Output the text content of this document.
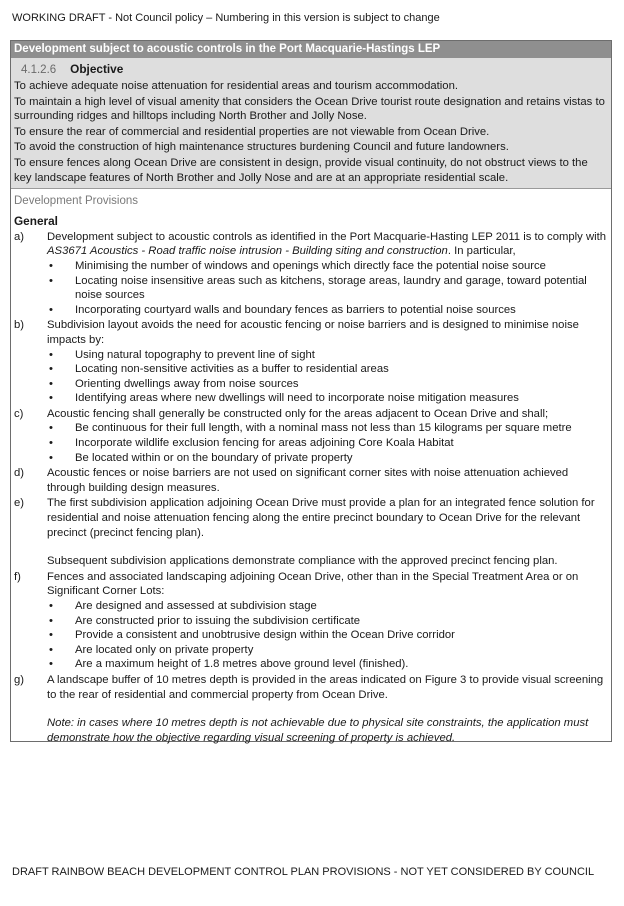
WORKING DRAFT - Not Council policy – Numbering in this version is subject to change
Development subject to acoustic controls in the Port Macquarie-Hastings LEP
4.1.2.6 Objective
To achieve adequate noise attenuation for residential areas and tourism accommodation.
To maintain a high level of visual amenity that considers the Ocean Drive tourist route designation and retains vistas to surrounding ridges and hilltops including North Brother and Jolly Nose.
To ensure the rear of commercial and residential properties are not viewable from Ocean Drive.
To avoid the construction of high maintenance structures burdening Council and future landowners.
To ensure fences along Ocean Drive are consistent in design, provide visual continuity, do not obstruct views to the key landscape features of North Brother and Jolly Nose and are at an appropriate residential scale.
Development Provisions
General
a)	Development subject to acoustic controls as identified in the Port Macquarie-Hasting LEP 2011 is to comply with AS3671 Acoustics - Road traffic noise intrusion - Building siting and construction. In particular,
• Minimising the number of windows and openings which directly face the potential noise source
• Locating noise insensitive areas such as kitchens, storage areas, laundry and garage, toward potential noise sources
• Incorporating courtyard walls and boundary fences as barriers to potential noise sources
b)	Subdivision layout avoids the need for acoustic fencing or noise barriers and is designed to minimise noise impacts by:
• Using natural topography to prevent line of sight
• Locating non-sensitive activities as a buffer to residential areas
• Orienting dwellings away from noise sources
• Identifying areas where new dwellings will need to incorporate noise mitigation measures
c)	Acoustic fencing shall generally be constructed only for the areas adjacent to Ocean Drive and shall;
• Be continuous for their full length, with a nominal mass not less than 15 kilograms per square metre
• Incorporate wildlife exclusion fencing for areas adjoining Core Koala Habitat
• Be located within or on the boundary of private property
d)	Acoustic fences or noise barriers are not used on significant corner sites with noise attenuation achieved through building design measures.
e)	The first subdivision application adjoining Ocean Drive must provide a plan for an integrated fence solution for residential and noise attenuation fencing along the entire precinct boundary to Ocean Drive for the relevant precinct (precinct fencing plan).
Subsequent subdivision applications demonstrate compliance with the approved precinct fencing plan.
f)	Fences and associated landscaping adjoining Ocean Drive, other than in the Special Treatment Area or on Significant Corner Lots:
• Are designed and assessed at subdivision stage
• Are constructed prior to issuing the subdivision certificate
• Provide a consistent and unobtrusive design within the Ocean Drive corridor
• Are located only on private property
• Are a maximum height of 1.8 metres above ground level (finished).
g)	A landscape buffer of 10 metres depth is provided in the areas indicated on Figure 3 to provide visual screening to the rear of residential and commercial property from Ocean Drive.
Note: in cases where 10 metres depth is not achievable due to physical site constraints, the application must demonstrate how the objective regarding visual screening of property is achieved.
DRAFT RAINBOW BEACH DEVELOPMENT CONTROL PLAN PROVISIONS - NOT YET CONSIDERED BY COUNCIL
